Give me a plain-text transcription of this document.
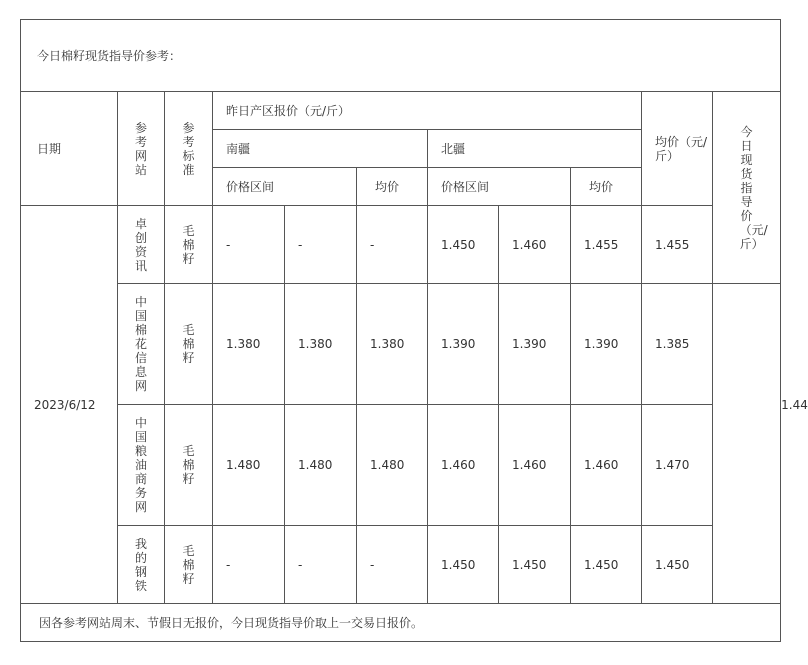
今日棉籽现货指导价参考：											
日期	参考网站	参考标准	昨日产区报价（元/斤）						均价（元/斤）	今日现货指导价（元/斤）	

			南疆			北疆					
			价格区间		均价	价格区间		均价			
2023/6/12	卓创资讯	毛棉籽	-	-	-	1.450	1.460	1.455	1.455		1.44

	中国棉花信息网	毛棉籽	1.380	1.380	1.380	1.390	1.390	1.390	1.385		

	中国粮油商务网	毛棉籽	1.480	1.480	1.480	1.460	1.460	1.460	1.470		

	我的钢铁	毛棉籽	-	-	-	1.450	1.450	1.450	1.450		
因各参考网站周末、节假日无报价，今日现货指导价取上一交易日报价。											
